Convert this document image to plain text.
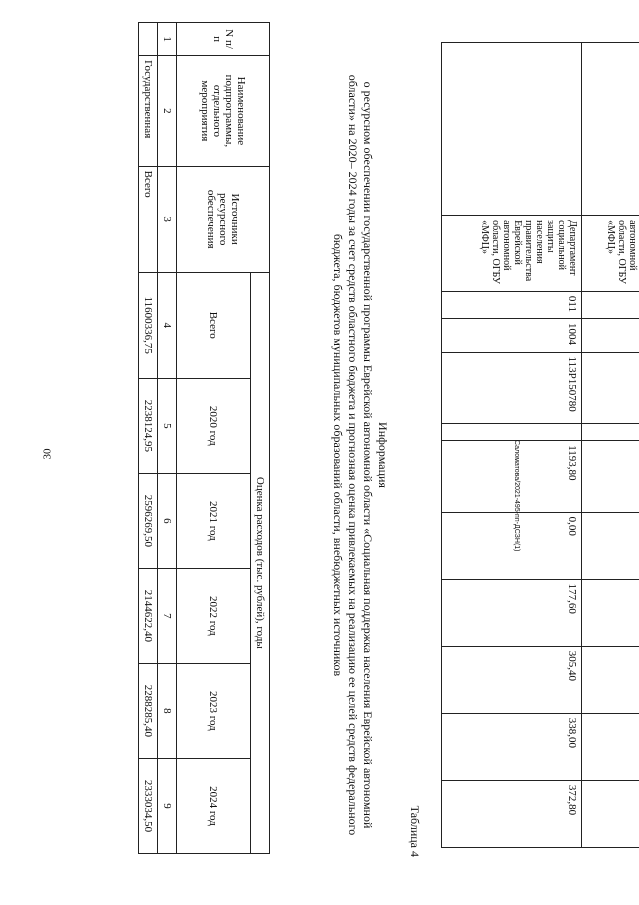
30
	автономной области, ОГБУ «МФЦ»										
	Департамент социальной защиты населения правительства Еврейской автономной области, ОГБУ «МФЦ»	011	1004	113P150780		1193,80	0,00	177,60	305,40	338,00	372,80
Таблица 4
Информация
о ресурсном обеспечении государственной программы Еврейской автономной области «Социальная поддержка населения Еврейской автономной области» на 2020– 2024 годы за счет средств областного бюджета и прогнозная оценка привлекаемых на реализацию ее целей средств федерального бюджета, бюджетов муниципальных образований области, внебюджетных источников
N п/п	Наименование подпрограммы, отдельного мероприятия	Источники ресурсного обеспечения	Оценка расходов (тыс. рублей), годы					
			Всего	2020 год	2021 год	2022 год	2023 год	2024 год
1	2	3	4	5	6	7	8	9
	Государственная	Всего	11600336,75	2238124,95	2596269,50	2144622,40	2288285,40	2333034,50
Саломатова/2021-495-пп-ДСЗН(1)
